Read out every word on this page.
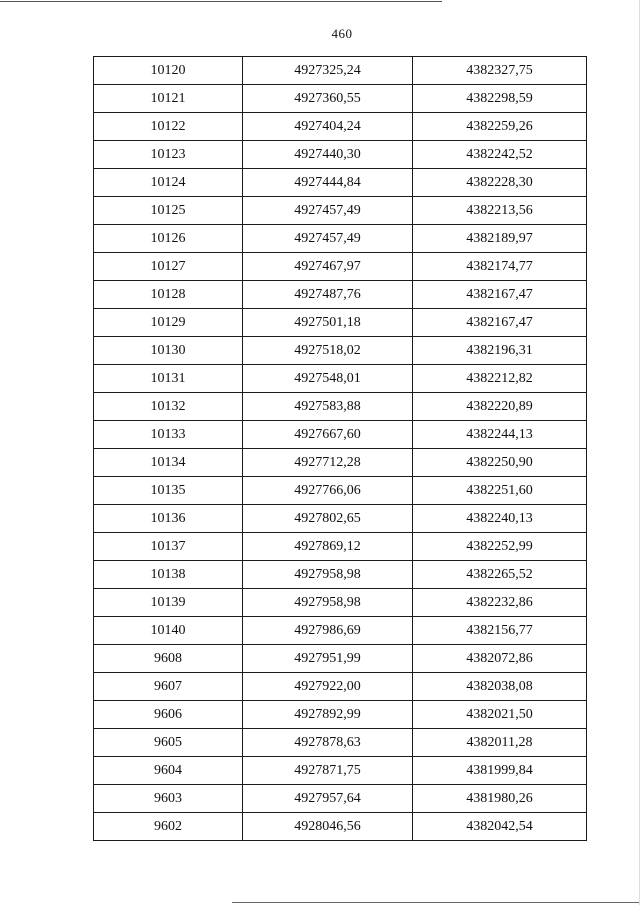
460
10120	4927325,24	4382327,75
10121	4927360,55	4382298,59
10122	4927404,24	4382259,26
10123	4927440,30	4382242,52
10124	4927444,84	4382228,30
10125	4927457,49	4382213,56
10126	4927457,49	4382189,97
10127	4927467,97	4382174,77
10128	4927487,76	4382167,47
10129	4927501,18	4382167,47
10130	4927518,02	4382196,31
10131	4927548,01	4382212,82
10132	4927583,88	4382220,89
10133	4927667,60	4382244,13
10134	4927712,28	4382250,90
10135	4927766,06	4382251,60
10136	4927802,65	4382240,13
10137	4927869,12	4382252,99
10138	4927958,98	4382265,52
10139	4927958,98	4382232,86
10140	4927986,69	4382156,77
9608	4927951,99	4382072,86
9607	4927922,00	4382038,08
9606	4927892,99	4382021,50
9605	4927878,63	4382011,28
9604	4927871,75	4381999,84
9603	4927957,64	4381980,26
9602	4928046,56	4382042,54
